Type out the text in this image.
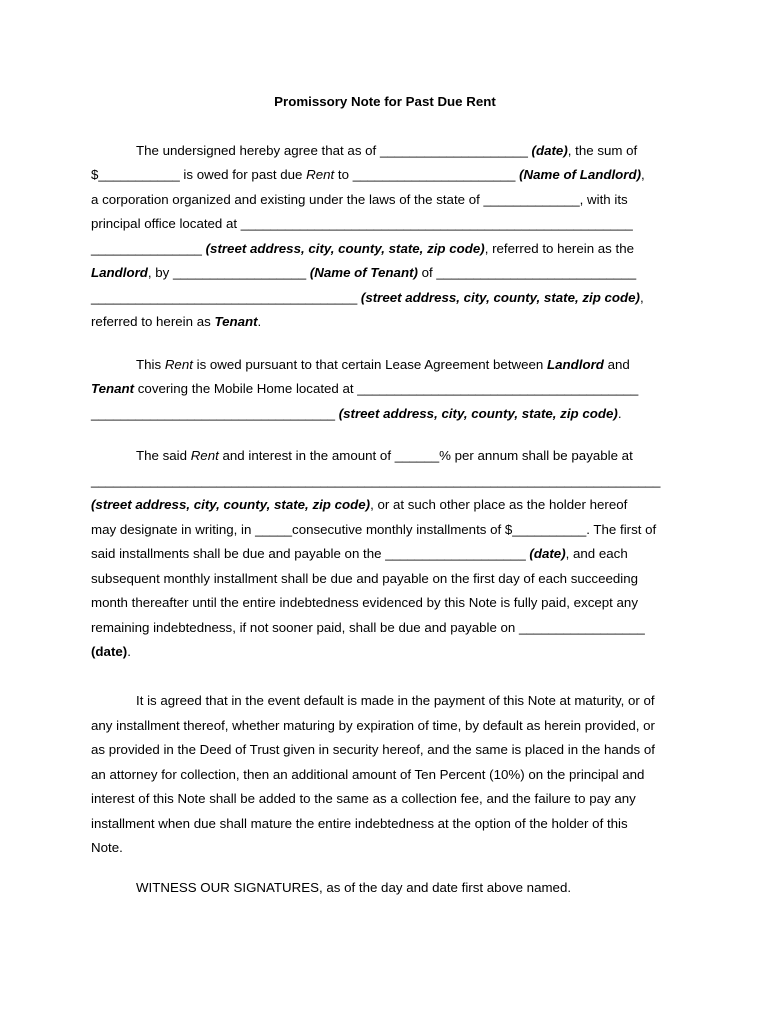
Promissory Note for Past Due Rent
The undersigned hereby agree that as of ____________________ (date), the sum of
$___________ is owed for past due Rent to ______________________ (Name of Landlord),
a corporation organized and existing under the laws of the state of _____________, with its
principal office located at _____________________________________________________
_______________ (street address, city, county, state, zip code), referred to herein as the
Landlord, by __________________ (Name of Tenant) of ___________________________
____________________________________ (street address, city, county, state, zip code),
referred to herein as Tenant.
This Rent is owed pursuant to that certain Lease Agreement between Landlord and
Tenant covering the Mobile Home located at ______________________________________
_________________________________ (street address, city, county, state, zip code).
The said Rent and interest in the amount of ______% per annum shall be payable at
_____________________________________________________________________________
(street address, city, county, state, zip code), or at such other place as the holder hereof
may designate in writing, in _____consecutive monthly installments of $__________. The first of
said installments shall be due and payable on the ___________________ (date), and each
subsequent monthly installment shall be due and payable on the first day of each succeeding
month thereafter until the entire indebtedness evidenced by this Note is fully paid, except any
remaining indebtedness, if not sooner paid, shall be due and payable on _________________
(date).
It is agreed that in the event default is made in the payment of this Note at maturity, or of
any installment thereof, whether maturing by expiration of time, by default as herein provided, or
as provided in the Deed of Trust given in security hereof, and the same is placed in the hands of
an attorney for collection, then an additional amount of Ten Percent (10%) on the principal and
interest of this Note shall be added to the same as a collection fee, and the failure to pay any
installment when due shall mature the entire indebtedness at the option of the holder of this
Note.
WITNESS OUR SIGNATURES, as of the day and date first above named.
